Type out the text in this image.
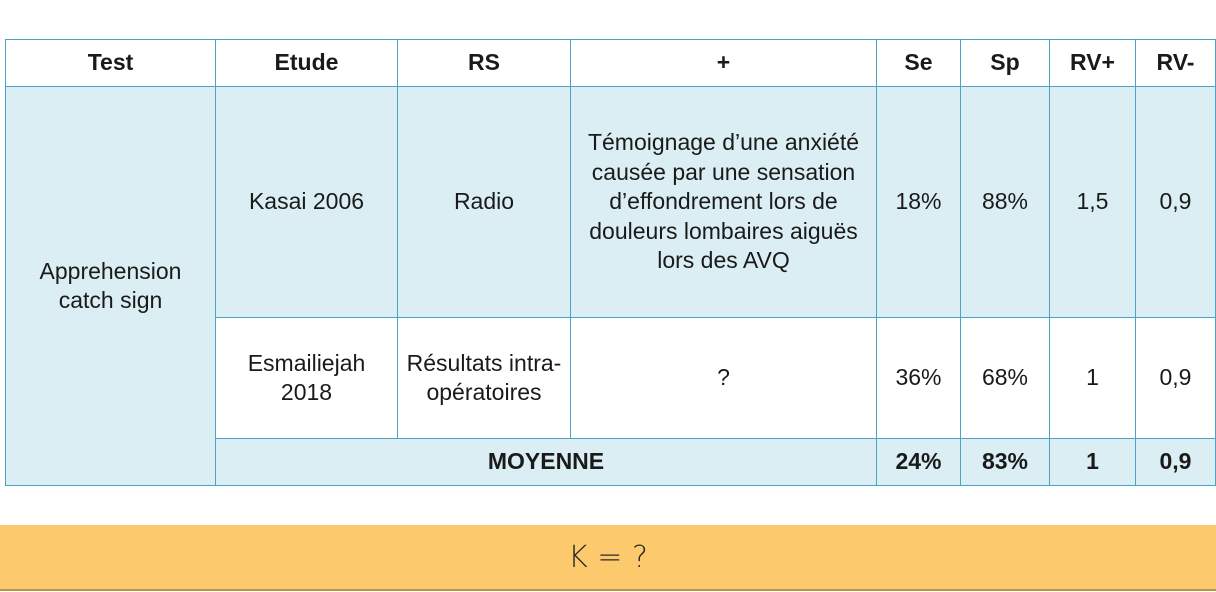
Test	Etude	RS	+	Se	Sp	RV+	RV-
Apprehension catch sign	Kasai 2006	Radio	Témoignage d’une anxiété causée par une sensation d’effondrement lors de douleurs lombaires aiguës lors des AVQ	18%	88%	1,5	0,9
	Esmailiejah 2018	Résultats intra-opératoires	?	36%	68%	1	0,9
	MOYENNE			24%	83%	1	0,9
K = ?
